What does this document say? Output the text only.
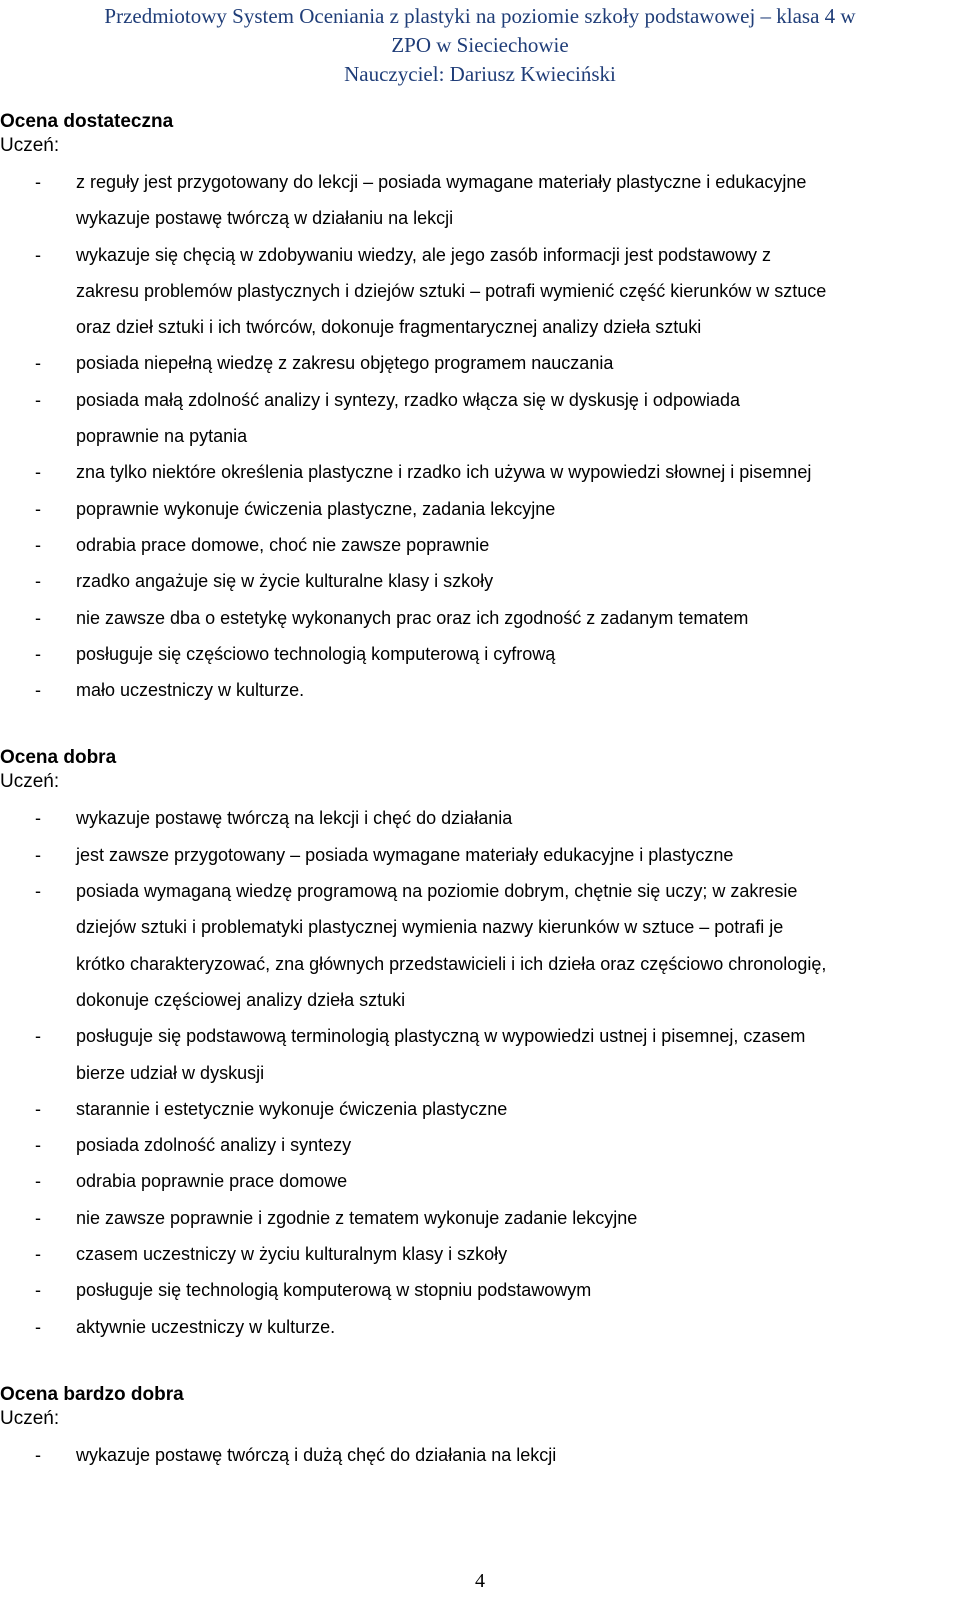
Przedmiotowy System Oceniania z plastyki na poziomie szkoły podstawowej – klasa 4 w
ZPO w Sieciechowie
Nauczyciel: Dariusz Kwieciński
Ocena dostateczna
Uczeń:
- z reguły jest przygotowany do lekcji – posiada wymagane materiały plastyczne i edukacyjne
wykazuje postawę twórczą w działaniu na lekcji
- wykazuje się chęcią w zdobywaniu wiedzy, ale jego zasób informacji jest podstawowy z
zakresu problemów plastycznych i dziejów sztuki – potrafi wymienić część kierunków w sztuce
oraz dzieł sztuki i ich twórców, dokonuje fragmentarycznej analizy dzieła sztuki
- posiada niepełną wiedzę z zakresu objętego programem nauczania
- posiada małą zdolność analizy i syntezy, rzadko włącza się w dyskusję i odpowiada
poprawnie na pytania
- zna tylko niektóre określenia plastyczne i rzadko ich używa w wypowiedzi słownej i pisemnej
- poprawnie wykonuje ćwiczenia plastyczne, zadania lekcyjne
- odrabia prace domowe, choć nie zawsze poprawnie
- rzadko angażuje się w życie kulturalne klasy i szkoły
- nie zawsze dba o estetykę wykonanych prac oraz ich zgodność z zadanym tematem
- posługuje się częściowo technologią komputerową i cyfrową
- mało uczestniczy w kulturze.
Ocena dobra
Uczeń:
- wykazuje postawę twórczą na lekcji i chęć do działania
- jest zawsze przygotowany – posiada wymagane materiały edukacyjne i plastyczne
- posiada wymaganą wiedzę programową na poziomie dobrym, chętnie się uczy; w zakresie
dziejów sztuki i problematyki plastycznej wymienia nazwy kierunków w sztuce – potrafi je
krótko charakteryzować, zna głównych przedstawicieli i ich dzieła oraz częściowo chronologię,
dokonuje częściowej analizy dzieła sztuki
- posługuje się podstawową terminologią plastyczną w wypowiedzi ustnej i pisemnej, czasem
bierze udział w dyskusji
- starannie i estetycznie wykonuje ćwiczenia plastyczne
- posiada zdolność analizy i syntezy
- odrabia poprawnie prace domowe
- nie zawsze poprawnie i zgodnie z tematem wykonuje zadanie lekcyjne
- czasem uczestniczy w życiu kulturalnym klasy i szkoły
- posługuje się technologią komputerową w stopniu podstawowym
- aktywnie uczestniczy w kulturze.
Ocena bardzo dobra
Uczeń:
- wykazuje postawę twórczą i dużą chęć do działania na lekcji
4
